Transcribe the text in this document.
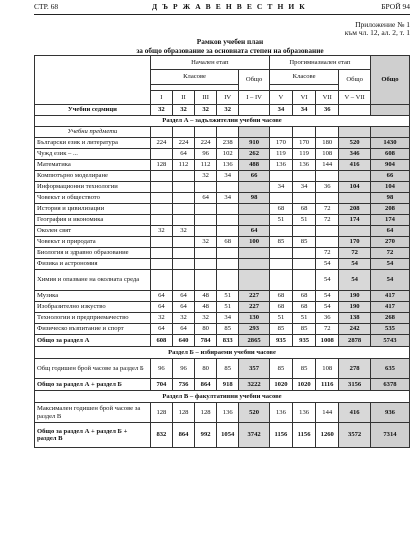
СТР. 68	Д Ъ Р Ж А В Е Н В Е С Т Н И К	БРОЙ 94
Приложение № 1
към чл. 12, ал. 2, т. 1
Рамков учебен план
за общо образование за основната степен на образование
	Начален етап					Прогимназиален етап				Общо
	Класове				Общо	Класове			Общо	

	I	II	III	IV	I – IV	V	VI	VII	V – VII	
Учебни седмици	32	32	32	32		34	34	36		
Раздел А – задължителни учебни часове										
Учебни предмети										
Български език и литература	224	224	224	238	910	170	170	180	520	1430
Чужд език – ...		64	96	102	262	119	119	108	346	608
Математика	128	112	112	136	488	136	136	144	416	904
Компютърно моделиране			32	34	66					66
Информационни технологии						34	34	36	104	104
Човекът и обществото			64	34	98					98
История и цивилизации						68	68	72	208	208
География и икономика						51	51	72	174	174
Околен свят	32	32			64					64
Човекът и природата			32	68	100	85	85		170	270
Биология и здравно образование								72	72	72
Физика и астрономия								54	54	54
Химия и опазване на околната среда								54	54	54
Музика	64	64	48	51	227	68	68	54	190	417
Изобразително изкуство	64	64	48	51	227	68	68	54	190	417
Технологии и предприемачество	32	32	32	34	130	51	51	36	138	268
Физическо възпитание и спорт	64	64	80	85	293	85	85	72	242	535
Общо за раздел А	608	640	784	833	2865	935	935	1008	2878	5743
Раздел Б – избираеми учебни часове										
Общ годишен брой часове за раздел Б	96	96	80	85	357	85	85	108	278	635
Общо за раздел А + раздел Б	704	736	864	918	3222	1020	1020	1116	3156	6378
Раздел В – факултативни учебни часове										
Максимален годишен брой часове за раздел В	128	128	128	136	520	136	136	144	416	936
Общо за раздел А + раздел Б + раздел В	832	864	992	1054	3742	1156	1156	1260	3572	7314
